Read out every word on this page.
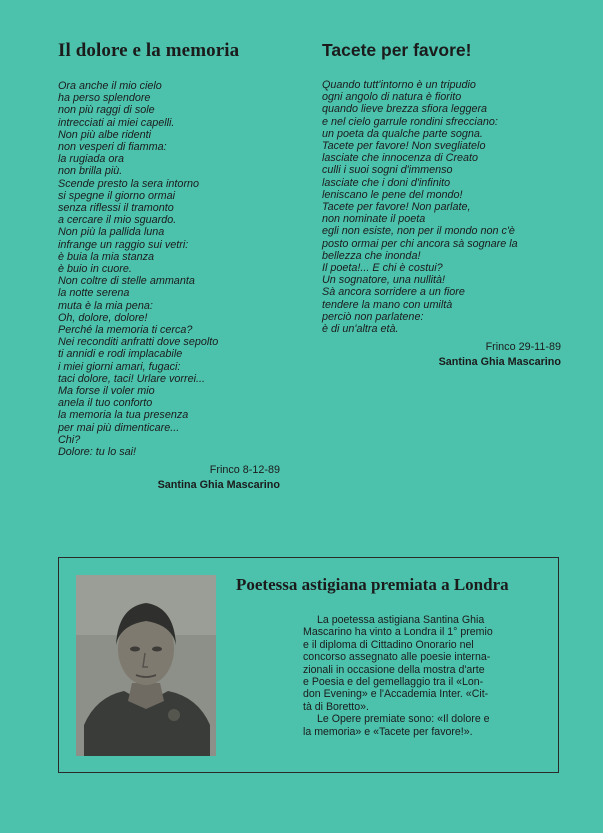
Il dolore e la memoria
Ora anche il mio cielo
ha perso splendore
non più raggi di sole
intrecciati ai miei capelli.
Non più albe ridenti
non vesperi di fiamma:
la rugiada ora
non brilla più.
Scende presto la sera intorno
si spegne il giorno ormai
senza riflessi il tramonto
a cercare il mio sguardo.
Non più la pallida luna
infrange un raggio sui vetri:
è buia la mia stanza
è buio in cuore.
Non coltre di stelle ammanta
la notte serena
muta è la mia pena:
Oh, dolore, dolore!
Perché la memoria ti cerca?
Nei reconditi anfratti dove sepolto
ti annidi e rodi implacabile
i miei giorni amari, fugaci:
taci dolore, taci! Urlare vorrei...
Ma forse il voler mio
anela il tuo conforto
la memoria la tua presenza
per mai più dimenticare...
Chi?
Dolore: tu lo sai!
Frinco 8-12-89
Santina Ghia Mascarino
Tacete per favore!
Quando tutt'intorno è un tripudio
ogni angolo di natura è fiorito
quando lieve brezza sfiora leggera
e nel cielo garrule rondini sfrecciano:
un poeta da qualche parte sogna.
Tacete per favore! Non svegliatelo
lasciate che innocenza di Creato
culli i suoi sogni d'immenso
lasciate che i doni d'infinito
leniscano le pene del mondo!
Tacete per favore! Non parlate,
non nominate il poeta
egli non esiste, non per il mondo non c'è
posto ormai per chi ancora sà sognare la
bellezza che inonda!
Il poeta!... E chi è costui?
Un sognatore, una nullità!
Sà ancora sorridere a un fiore
tendere la mano con umiltà
perciò non parlatene:
è di un'altra età.
Frinco 29-11-89
Santina Ghia Mascarino
Poetessa astigiana premiata a Londra
La poetessa astigiana Santina Ghia
Mascarino ha vinto a Londra il 1° premio
e il diploma di Cittadino Onorario nel
concorso assegnato alle poesie interna-
zionali in occasione della mostra d'arte
e Poesia e del gemellaggio tra il «Lon-
don Evening» e l'Accademia Inter. «Cit-
tà di Boretto».
Le Opere premiate sono: «Il dolore e
la memoria» e «Tacete per favore!».
